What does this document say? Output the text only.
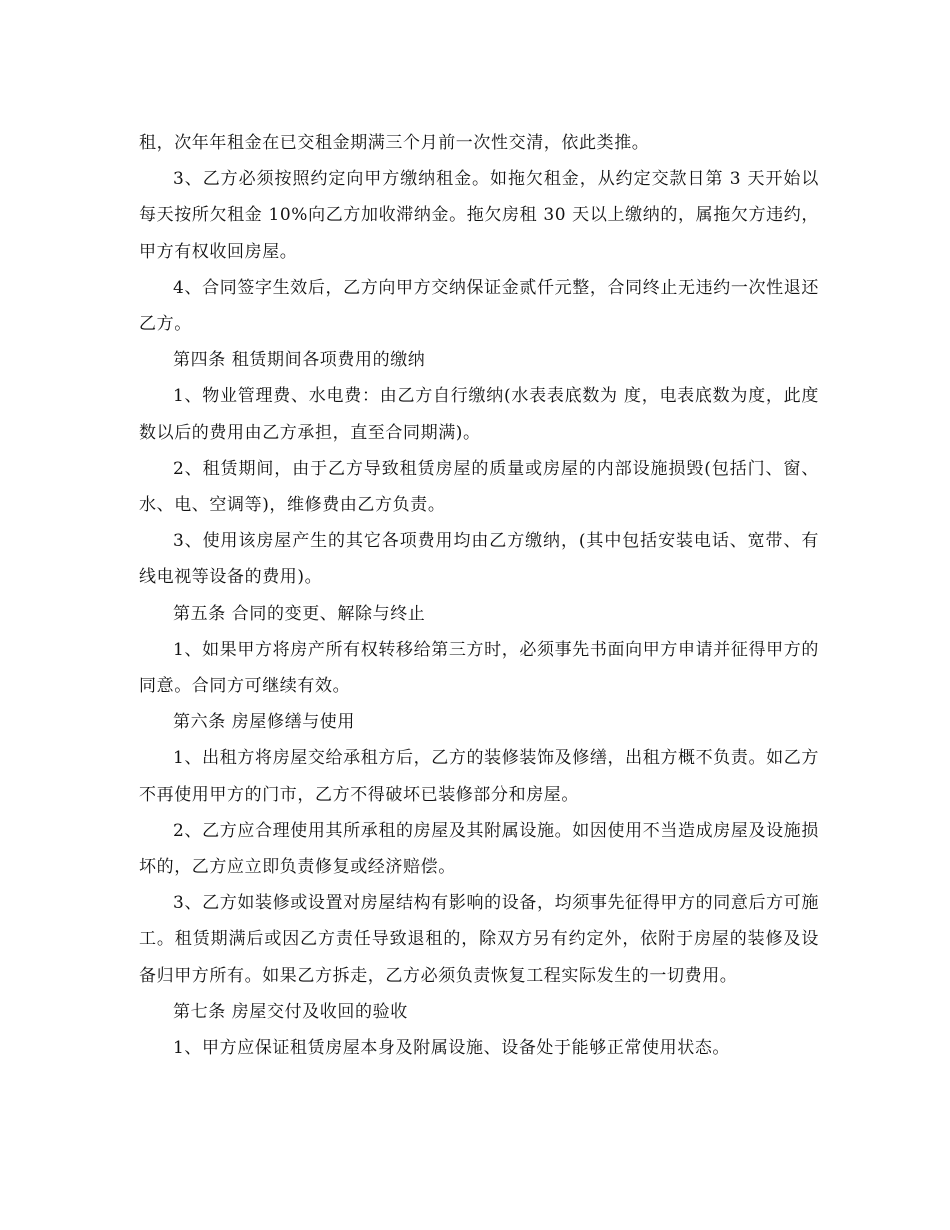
租，次年年租金在已交租金期满三个月前一次性交清，依此类推。

3、乙方必须按照约定向甲方缴纳租金。如拖欠租金，从约定交款日第 3 天开始以每天按所欠租金 10%向乙方加收滞纳金。拖欠房租 30 天以上缴纳的，属拖欠方违约，甲方有权收回房屋。

4、合同签字生效后，乙方向甲方交纳保证金贰仟元整，合同终止无违约一次性退还乙方。

第四条 租赁期间各项费用的缴纳

1、物业管理费、水电费：由乙方自行缴纳(水表表底数为 度，电表底数为度，此度数以后的费用由乙方承担，直至合同期满)。

2、租赁期间，由于乙方导致租赁房屋的质量或房屋的内部设施损毁(包括门、窗、水、电、空调等)，维修费由乙方负责。

3、使用该房屋产生的其它各项费用均由乙方缴纳，(其中包括安装电话、宽带、有线电视等设备的费用)。

第五条 合同的变更、解除与终止

1、如果甲方将房产所有权转移给第三方时，必须事先书面向甲方申请并征得甲方的同意。合同方可继续有效。

第六条 房屋修缮与使用

1、出租方将房屋交给承租方后，乙方的装修装饰及修缮，出租方概不负责。如乙方不再使用甲方的门市，乙方不得破坏已装修部分和房屋。

2、乙方应合理使用其所承租的房屋及其附属设施。如因使用不当造成房屋及设施损坏的，乙方应立即负责修复或经济赔偿。

3、乙方如装修或设置对房屋结构有影响的设备，均须事先征得甲方的同意后方可施工。租赁期满后或因乙方责任导致退租的，除双方另有约定外，依附于房屋的装修及设备归甲方所有。如果乙方拆走，乙方必须负责恢复工程实际发生的一切费用。

第七条 房屋交付及收回的验收

1、甲方应保证租赁房屋本身及附属设施、设备处于能够正常使用状态。
